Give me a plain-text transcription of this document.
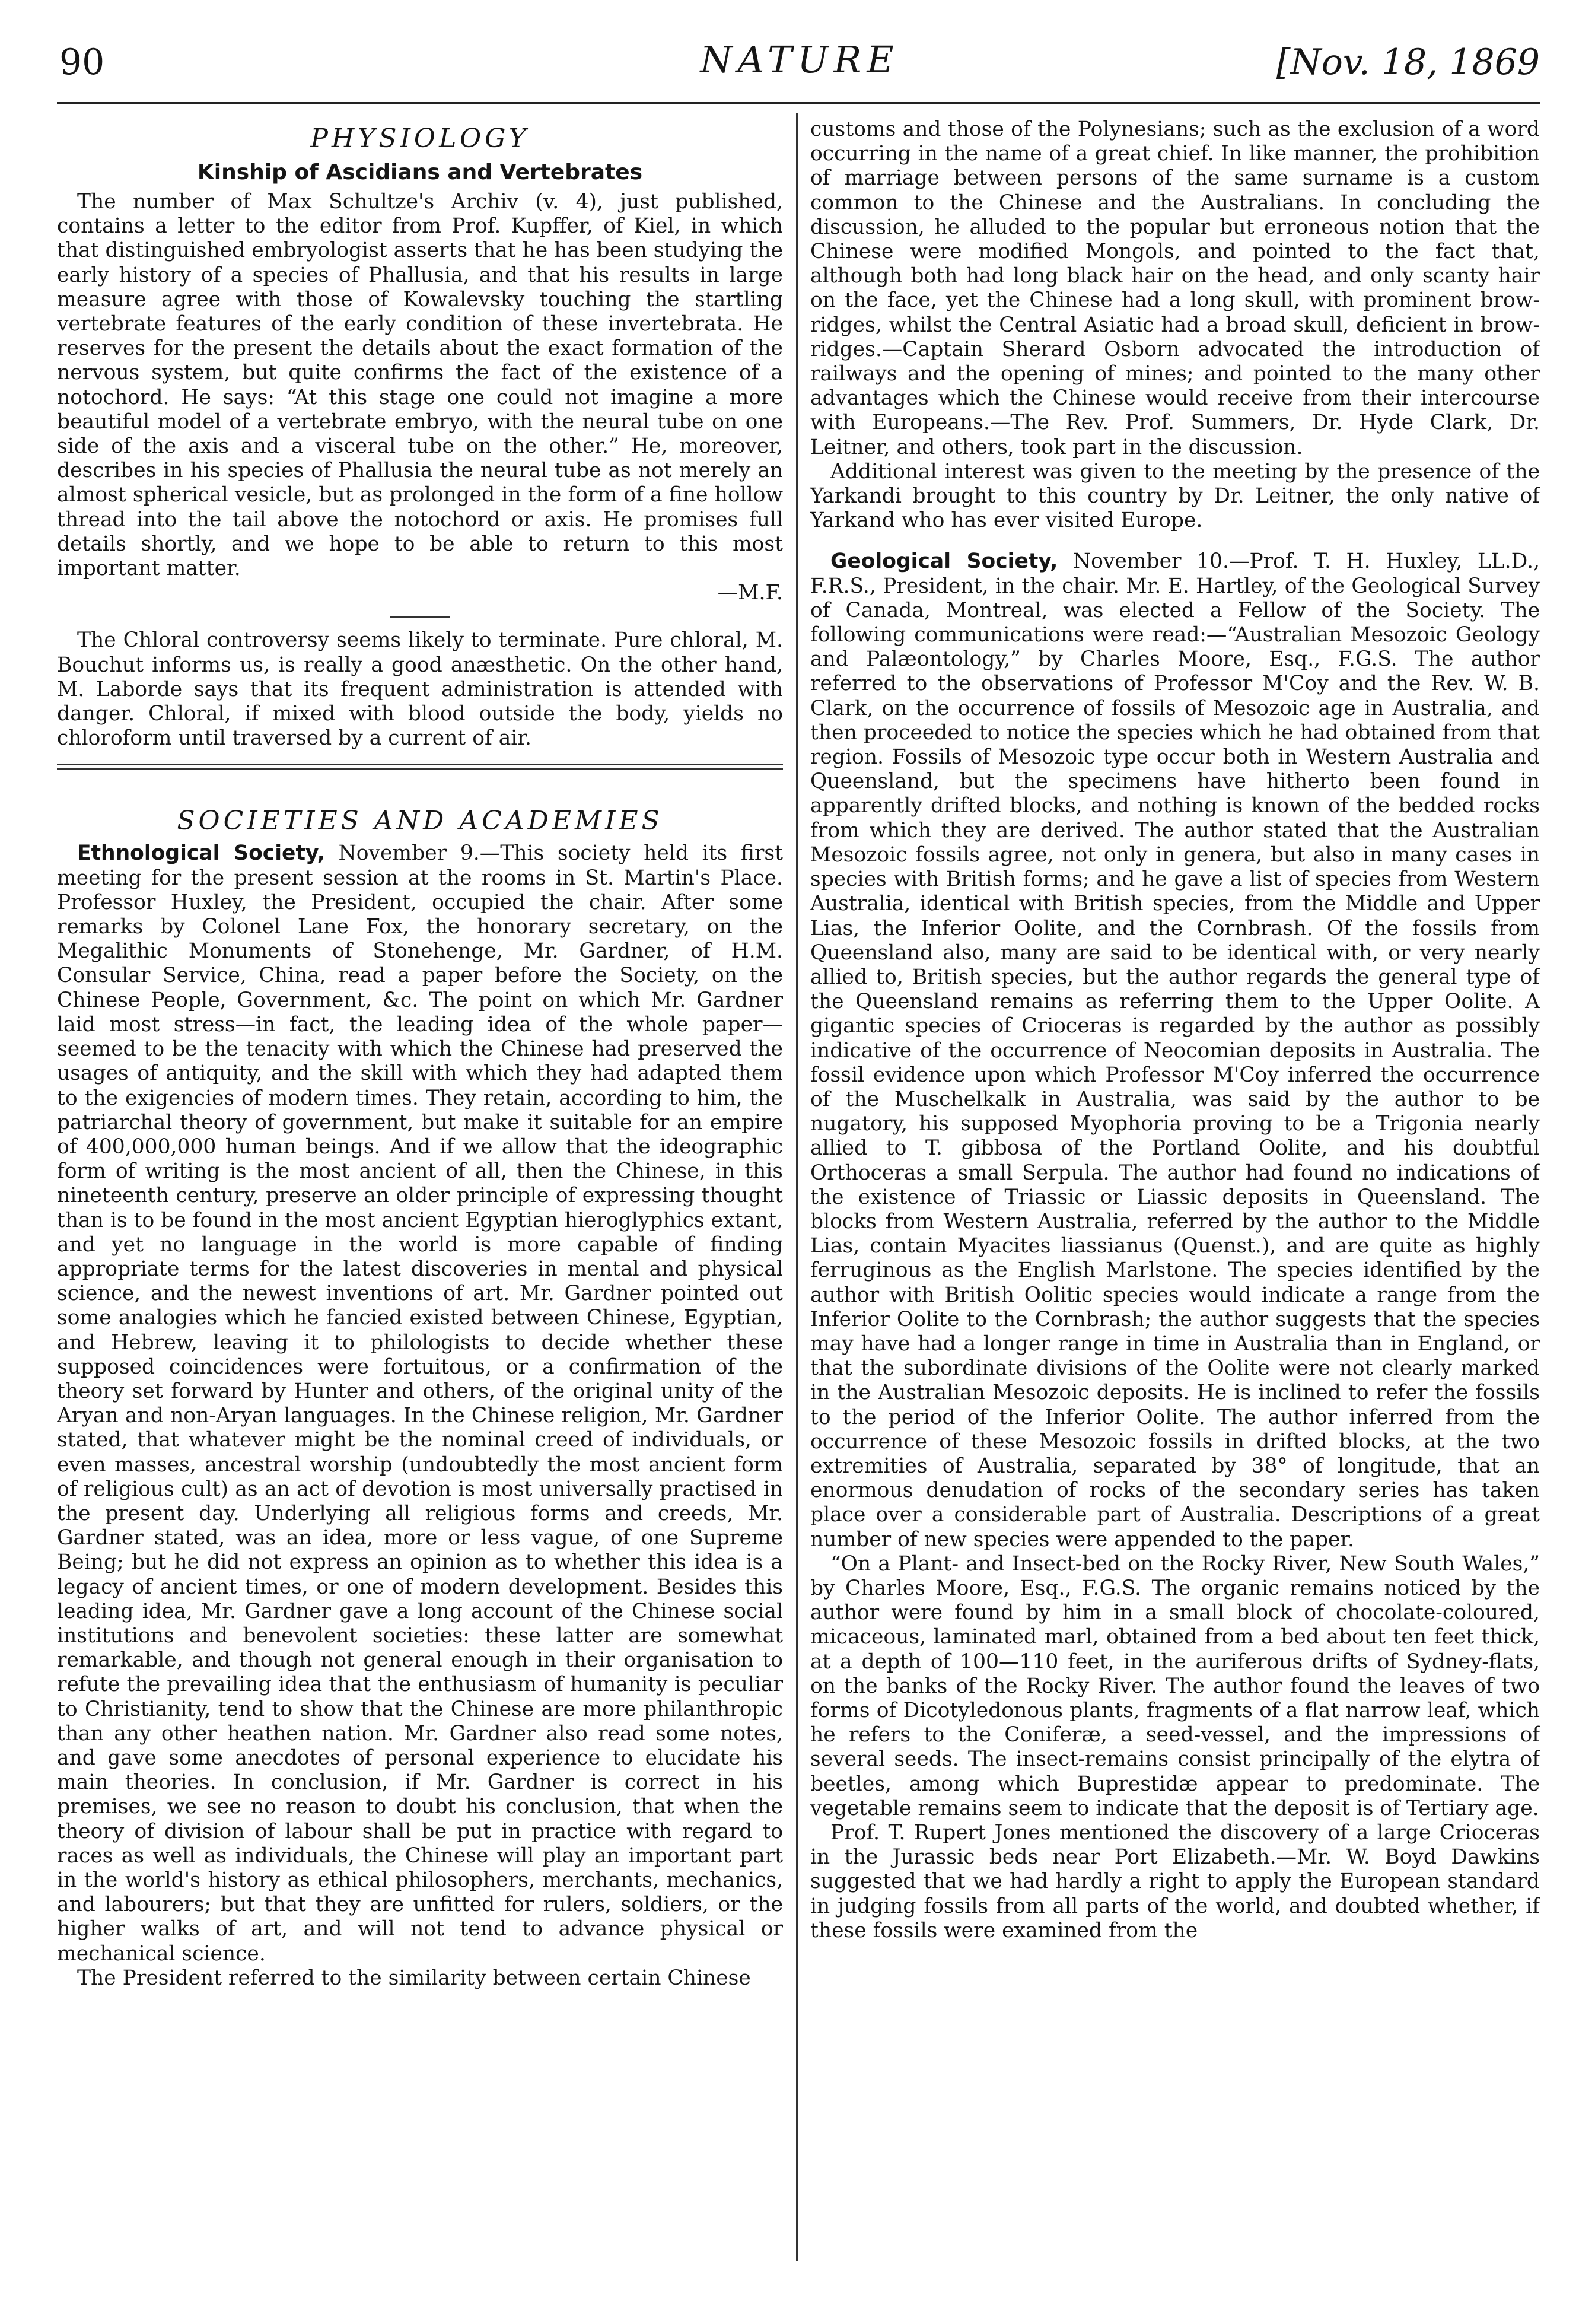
90	NATURE	[Nov. 18, 1869
PHYSIOLOGY
Kinship of Ascidians and Vertebrates

The number of Max Schultze's Archiv (v. 4), just published, contains a letter to the editor from Prof. Kupffer, of Kiel, in which that distinguished embryologist asserts that he has been studying the early history of a species of Phallusia, and that his results in large measure agree with those of Kowalevsky touching the startling vertebrate features of the early condition of these invertebrata. He reserves for the present the details about the exact formation of the nervous system, but quite confirms the fact of the existence of a notochord. He says: “At this stage one could not imagine a more beautiful model of a vertebrate embryo, with the neural tube on one side of the axis and a visceral tube on the other.” He, moreover, describes in his species of Phallusia the neural tube as not merely an almost spherical vesicle, but as prolonged in the form of a fine hollow thread into the tail above the notochord or axis. He promises full details shortly, and we hope to be able to return to this most important matter.

—M.F.

The Chloral controversy seems likely to terminate. Pure chloral, M. Bouchut informs us, is really a good anæsthetic. On the other hand, M. Laborde says that its frequent administration is attended with danger. Chloral, if mixed with blood outside the body, yields no chloroform until traversed by a current of air.

SOCIETIES AND ACADEMIES

Ethnological Society, November 9.—This society held its first meeting for the present session at the rooms in St. Martin's Place. Professor Huxley, the President, occupied the chair. After some remarks by Colonel Lane Fox, the honorary secretary, on the Megalithic Monuments of Stonehenge, Mr. Gardner, of H.M. Consular Service, China, read a paper before the Society, on the Chinese People, Government, &c. The point on which Mr. Gardner laid most stress—in fact, the leading idea of the whole paper—seemed to be the tenacity with which the Chinese had preserved the usages of antiquity, and the skill with which they had adapted them to the exigencies of modern times. They retain, according to him, the patriarchal theory of government, but make it suitable for an empire of 400,000,000 human beings. And if we allow that the ideographic form of writing is the most ancient of all, then the Chinese, in this nineteenth century, preserve an older principle of expressing thought than is to be found in the most ancient Egyptian hieroglyphics extant, and yet no language in the world is more capable of finding appropriate terms for the latest discoveries in mental and physical science, and the newest inventions of art. Mr. Gardner pointed out some analogies which he fancied existed between Chinese, Egyptian, and Hebrew, leaving it to philologists to decide whether these supposed coincidences were fortuitous, or a confirmation of the theory set forward by Hunter and others, of the original unity of the Aryan and non-Aryan languages. In the Chinese religion, Mr. Gardner stated, that whatever might be the nominal creed of individuals, or even masses, ancestral worship (undoubtedly the most ancient form of religious cult) as an act of devotion is most universally practised in the present day. Underlying all religious forms and creeds, Mr. Gardner stated, was an idea, more or less vague, of one Supreme Being; but he did not express an opinion as to whether this idea is a legacy of ancient times, or one of modern development. Besides this leading idea, Mr. Gardner gave a long account of the Chinese social institutions and benevolent societies: these latter are somewhat remarkable, and though not general enough in their organisation to refute the prevailing idea that the enthusiasm of humanity is peculiar to Christianity, tend to show that the Chinese are more philanthropic than any other heathen nation. Mr. Gardner also read some notes, and gave some anecdotes of personal experience to elucidate his main theories. In conclusion, if Mr. Gardner is correct in his premises, we see no reason to doubt his conclusion, that when the theory of division of labour shall be put in practice with regard to races as well as individuals, the Chinese will play an important part in the world's history as ethical philosophers, merchants, mechanics, and labourers; but that they are unfitted for rulers, soldiers, or the higher walks of art, and will not tend to advance physical or mechanical science.

The President referred to the similarity between certain Chinese

customs and those of the Polynesians; such as the exclusion of a word occurring in the name of a great chief. In like manner, the prohibition of marriage between persons of the same surname is a custom common to the Chinese and the Australians. In concluding the discussion, he alluded to the popular but erroneous notion that the Chinese were modified Mongols, and pointed to the fact that, although both had long black hair on the head, and only scanty hair on the face, yet the Chinese had a long skull, with prominent brow-ridges, whilst the Central Asiatic had a broad skull, deficient in brow-ridges.—Captain Sherard Osborn advocated the introduction of railways and the opening of mines; and pointed to the many other advantages which the Chinese would receive from their intercourse with Europeans.—The Rev. Prof. Summers, Dr. Hyde Clark, Dr. Leitner, and others, took part in the discussion.

Additional interest was given to the meeting by the presence of the Yarkandi brought to this country by Dr. Leitner, the only native of Yarkand who has ever visited Europe.

Geological Society, November 10.—Prof. T. H. Huxley, LL.D., F.R.S., President, in the chair. Mr. E. Hartley, of the Geological Survey of Canada, Montreal, was elected a Fellow of the Society. The following communications were read:—“Australian Mesozoic Geology and Palæontology,” by Charles Moore, Esq., F.G.S. The author referred to the observations of Professor M'Coy and the Rev. W. B. Clark, on the occurrence of fossils of Mesozoic age in Australia, and then proceeded to notice the species which he had obtained from that region. Fossils of Mesozoic type occur both in Western Australia and Queensland, but the specimens have hitherto been found in apparently drifted blocks, and nothing is known of the bedded rocks from which they are derived. The author stated that the Australian Mesozoic fossils agree, not only in genera, but also in many cases in species with British forms; and he gave a list of species from Western Australia, identical with British species, from the Middle and Upper Lias, the Inferior Oolite, and the Cornbrash. Of the fossils from Queensland also, many are said to be identical with, or very nearly allied to, British species, but the author regards the general type of the Queensland remains as referring them to the Upper Oolite. A gigantic species of Crioceras is regarded by the author as possibly indicative of the occurrence of Neocomian deposits in Australia. The fossil evidence upon which Professor M'Coy inferred the occurrence of the Muschelkalk in Australia, was said by the author to be nugatory, his supposed Myophoria proving to be a Trigonia nearly allied to T. gibbosa of the Portland Oolite, and his doubtful Orthoceras a small Serpula. The author had found no indications of the existence of Triassic or Liassic deposits in Queensland. The blocks from Western Australia, referred by the author to the Middle Lias, contain Myacites liassianus (Quenst.), and are quite as highly ferruginous as the English Marlstone. The species identified by the author with British Oolitic species would indicate a range from the Inferior Oolite to the Cornbrash; the author suggests that the species may have had a longer range in time in Australia than in England, or that the subordinate divisions of the Oolite were not clearly marked in the Australian Mesozoic deposits. He is inclined to refer the fossils to the period of the Inferior Oolite. The author inferred from the occurrence of these Mesozoic fossils in drifted blocks, at the two extremities of Australia, separated by 38° of longitude, that an enormous denudation of rocks of the secondary series has taken place over a considerable part of Australia. Descriptions of a great number of new species were appended to the paper.

“On a Plant- and Insect-bed on the Rocky River, New South Wales,” by Charles Moore, Esq., F.G.S. The organic remains noticed by the author were found by him in a small block of chocolate-coloured, micaceous, laminated marl, obtained from a bed about ten feet thick, at a depth of 100—110 feet, in the auriferous drifts of Sydney-flats, on the banks of the Rocky River. The author found the leaves of two forms of Dicotyledonous plants, fragments of a flat narrow leaf, which he refers to the Coniferæ, a seed-vessel, and the impressions of several seeds. The insect-remains consist principally of the elytra of beetles, among which Buprestidæ appear to predominate. The vegetable remains seem to indicate that the deposit is of Tertiary age.

Prof. T. Rupert Jones mentioned the discovery of a large Crioceras in the Jurassic beds near Port Elizabeth.—Mr. W. Boyd Dawkins suggested that we had hardly a right to apply the European standard in judging fossils from all parts of the world, and doubted whether, if these fossils were examined from the
